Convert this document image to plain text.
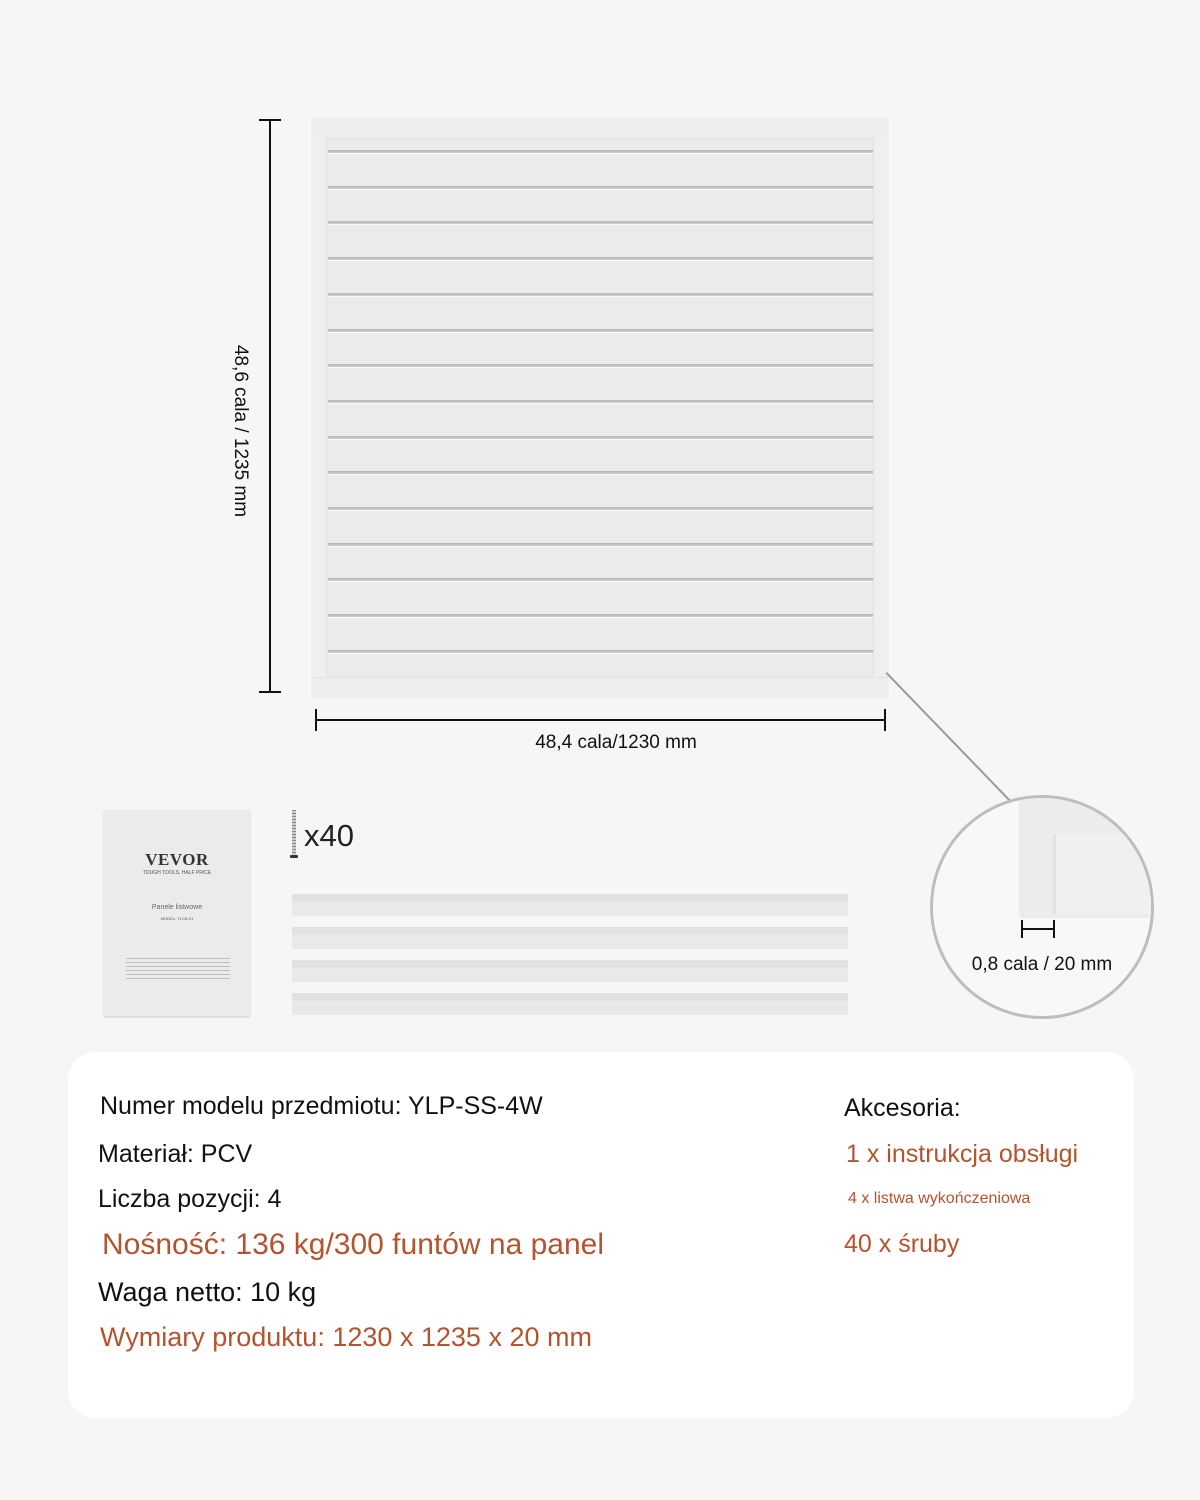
48,6 cala / 1235 mm
48,4 cala/1230 mm
0,8 cala / 20 mm
VEVOR
TOUGH TOOLS, HALF PRICE
Panele listwowe
MODEL: YLCB-01
x40
Numer modelu przedmiotu: YLP-SS-4W
Materiał: PCV
Liczba pozycji: 4
Nośność: 136 kg/300 funtów na panel
Waga netto: 10 kg
Wymiary produktu: 1230 x 1235 x 20 mm
Akcesoria:
1 x instrukcja obsługi
4 x listwa wykończeniowa
40 x śruby
